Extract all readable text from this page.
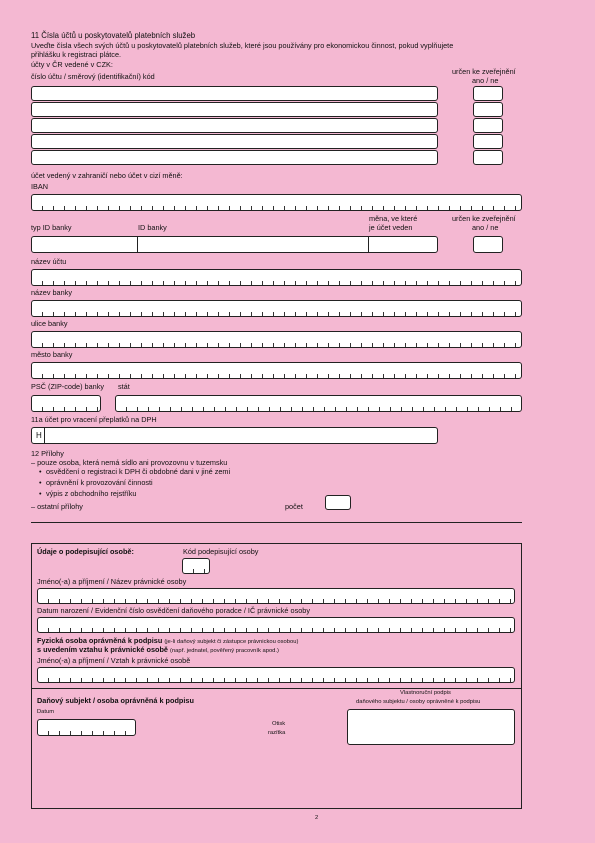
11 Čísla účtů u poskytovatelů platebních služeb
Uveďte čísla všech svých účtů u poskytovatelů platebních služeb, které jsou používány pro ekonomickou činnost, pokud vyplňujete
přihlášku k registraci plátce.
účty v ČR vedené v CZK:
číslo účtu / směrový (identifikační) kód
určen ke zveřejnění
ano / ne
účet vedený v zahraničí nebo účet v cizí měně:
IBAN
typ ID banky	ID banky
měna, ve které
je účet veden
určen ke zveřejnění
ano / ne
název účtu
název banky
ulice banky
město banky
PSČ (ZIP-code) banky stát
11a účet pro vracení přeplatků na DPH
H
12 Přílohy
– pouze osoba, která nemá sídlo ani provozovnu v tuzemsku
• osvědčení o registraci k DPH či obdobné dani v jiné zemi
• oprávnění k provozování činnosti
• výpis z obchodního rejstříku
– ostatní přílohy	počet
Údaje o podepisující osobě:	Kód podepisující osoby
Jméno(-a) a příjmení / Název právnické osoby
Datum narození / Evidenční číslo osvědčení daňového poradce / IČ právnické osoby
Fyzická osoba oprávněná k podpisu (je-li daňový subjekt či zástupce právnickou osobou)
s uvedením vztahu k právnické osobě (např. jednatel, pověřený pracovník apod.)
Jméno(-a) a příjmení / Vztah k právnické osobě
Daňový subjekt / osoba oprávněná k podpisu
Datum
Otisk
razítka
Vlastnoruční podpis
daňového subjektu / osoby oprávněné k podpisu
2
